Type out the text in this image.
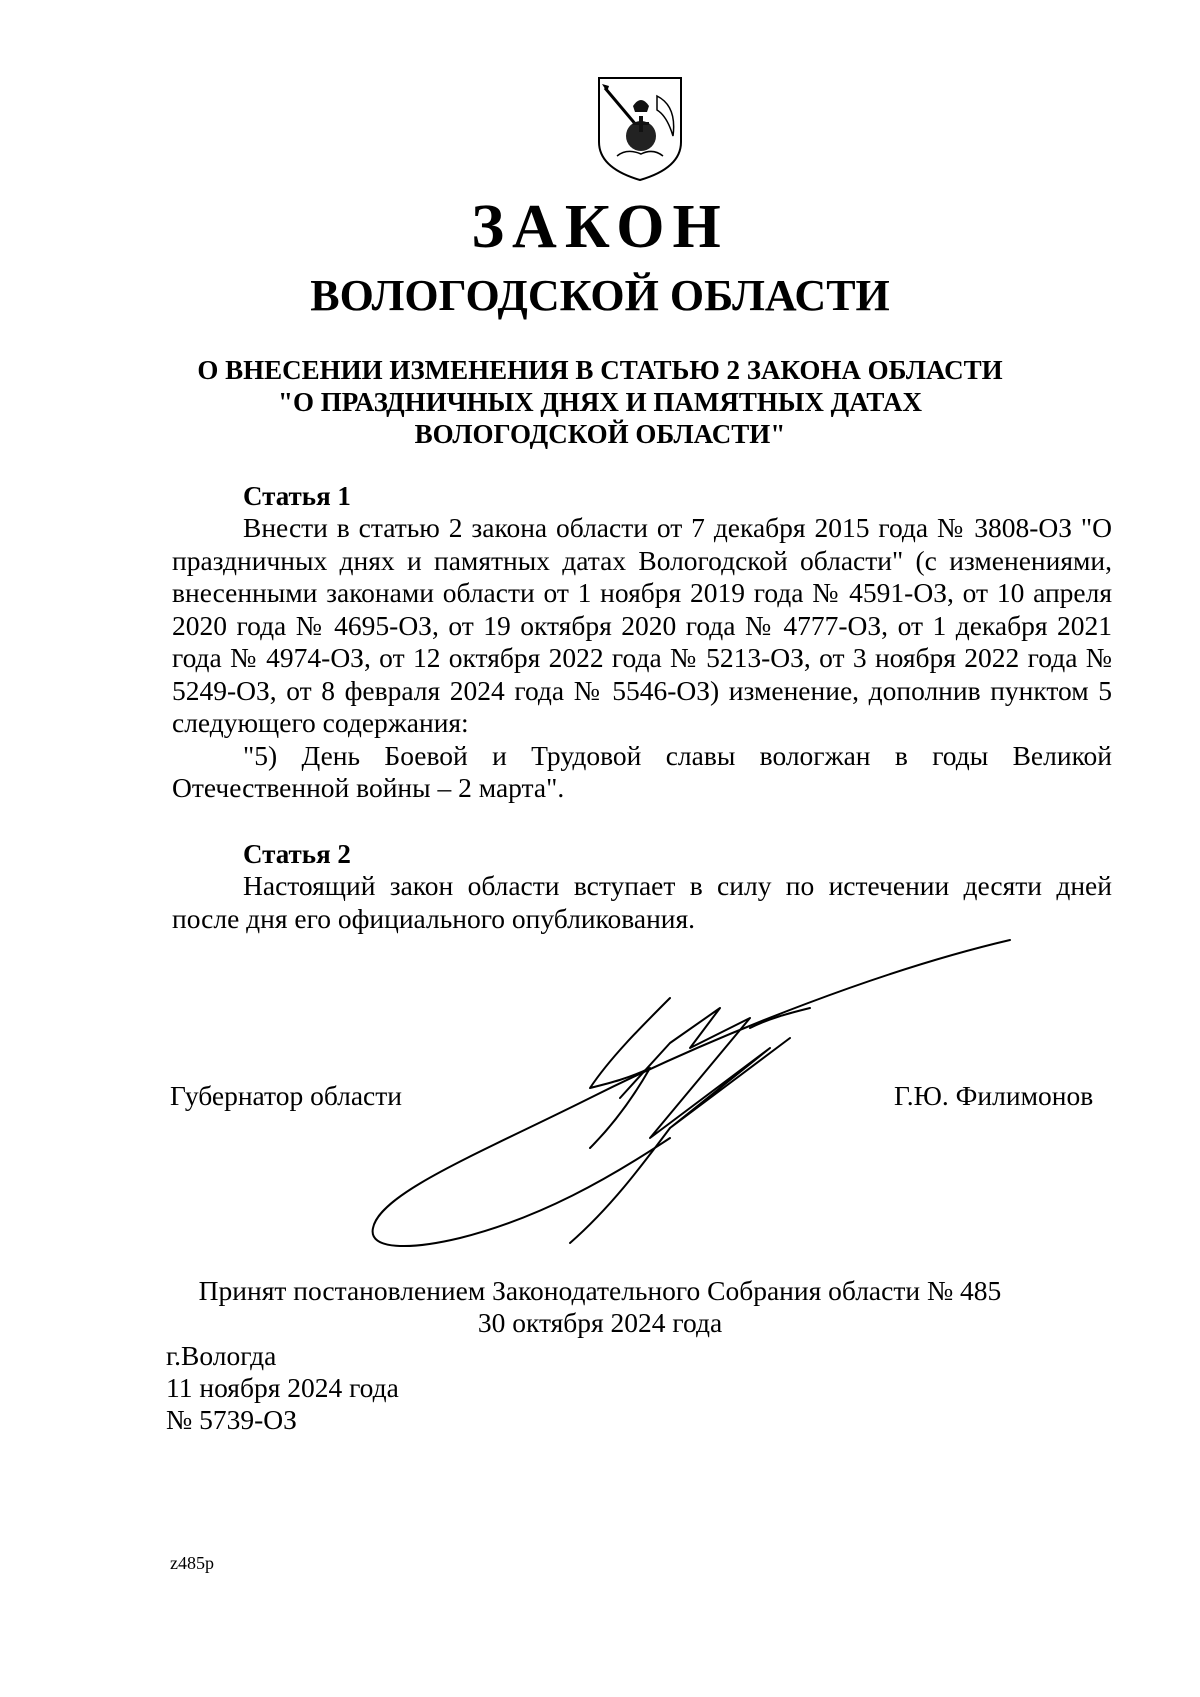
ЗАКОН
ВОЛОГОДСКОЙ ОБЛАСТИ
О ВНЕСЕНИИ ИЗМЕНЕНИЯ В СТАТЬЮ 2 ЗАКОНА ОБЛАСТИ
"О ПРАЗДНИЧНЫХ ДНЯХ И ПАМЯТНЫХ ДАТАХ
ВОЛОГОДСКОЙ ОБЛАСТИ"
Статья 1

Внести в статью 2 закона области от 7 декабря 2015 года № 3808-ОЗ "О праздничных днях и памятных датах Вологодской области" (с изменениями, внесенными законами области от 1 ноября 2019 года № 4591-ОЗ, от 10 апреля 2020 года № 4695-ОЗ, от 19 октября 2020 года № 4777-ОЗ, от 1 декабря 2021 года № 4974-ОЗ, от 12 октября 2022 года № 5213-ОЗ, от 3 ноября 2022 года № 5249-ОЗ, от 8 февраля 2024 года № 5546-ОЗ) изменение, дополнив пунктом 5 следующего содержания:

"5) День Боевой и Трудовой славы вологжан в годы Великой Отечественной войны – 2 марта".

Статья 2

Настоящий закон области вступает в силу по истечении десяти дней после дня его официального опубликования.

Губернатор области	Г.Ю. Филимонов
Принят постановлением Законодательного Собрания области № 485
30 октября 2024 года
г.Вологда
11 ноября 2024 года
№ 5739-ОЗ
z485р
